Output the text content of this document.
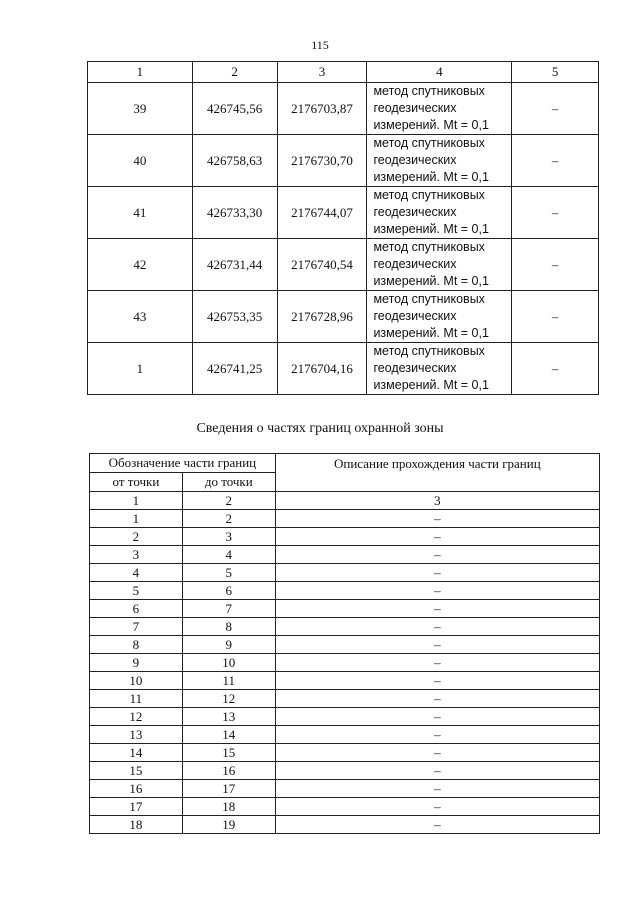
115
1	2	3	4	5
39	426745,56	2176703,87	метод спутниковых
геодезических
измерений. Mt = 0,1	–
40	426758,63	2176730,70	метод спутниковых
геодезических
измерений. Mt = 0,1	–
41	426733,30	2176744,07	метод спутниковых
геодезических
измерений. Mt = 0,1	–
42	426731,44	2176740,54	метод спутниковых
геодезических
измерений. Mt = 0,1	–
43	426753,35	2176728,96	метод спутниковых
геодезических
измерений. Mt = 0,1	–
1	426741,25	2176704,16	метод спутниковых
геодезических
измерений. Mt = 0,1	–
Сведения о частях границ охранной зоны
Обозначение части границ		Описание прохождения части границ
от точки	до точки	
1	2	3
1	2	–
2	3	–
3	4	–
4	5	–
5	6	–
6	7	–
7	8	–
8	9	–
9	10	–
10	11	–
11	12	–
12	13	–
13	14	–
14	15	–
15	16	–
16	17	–
17	18	–
18	19	–
